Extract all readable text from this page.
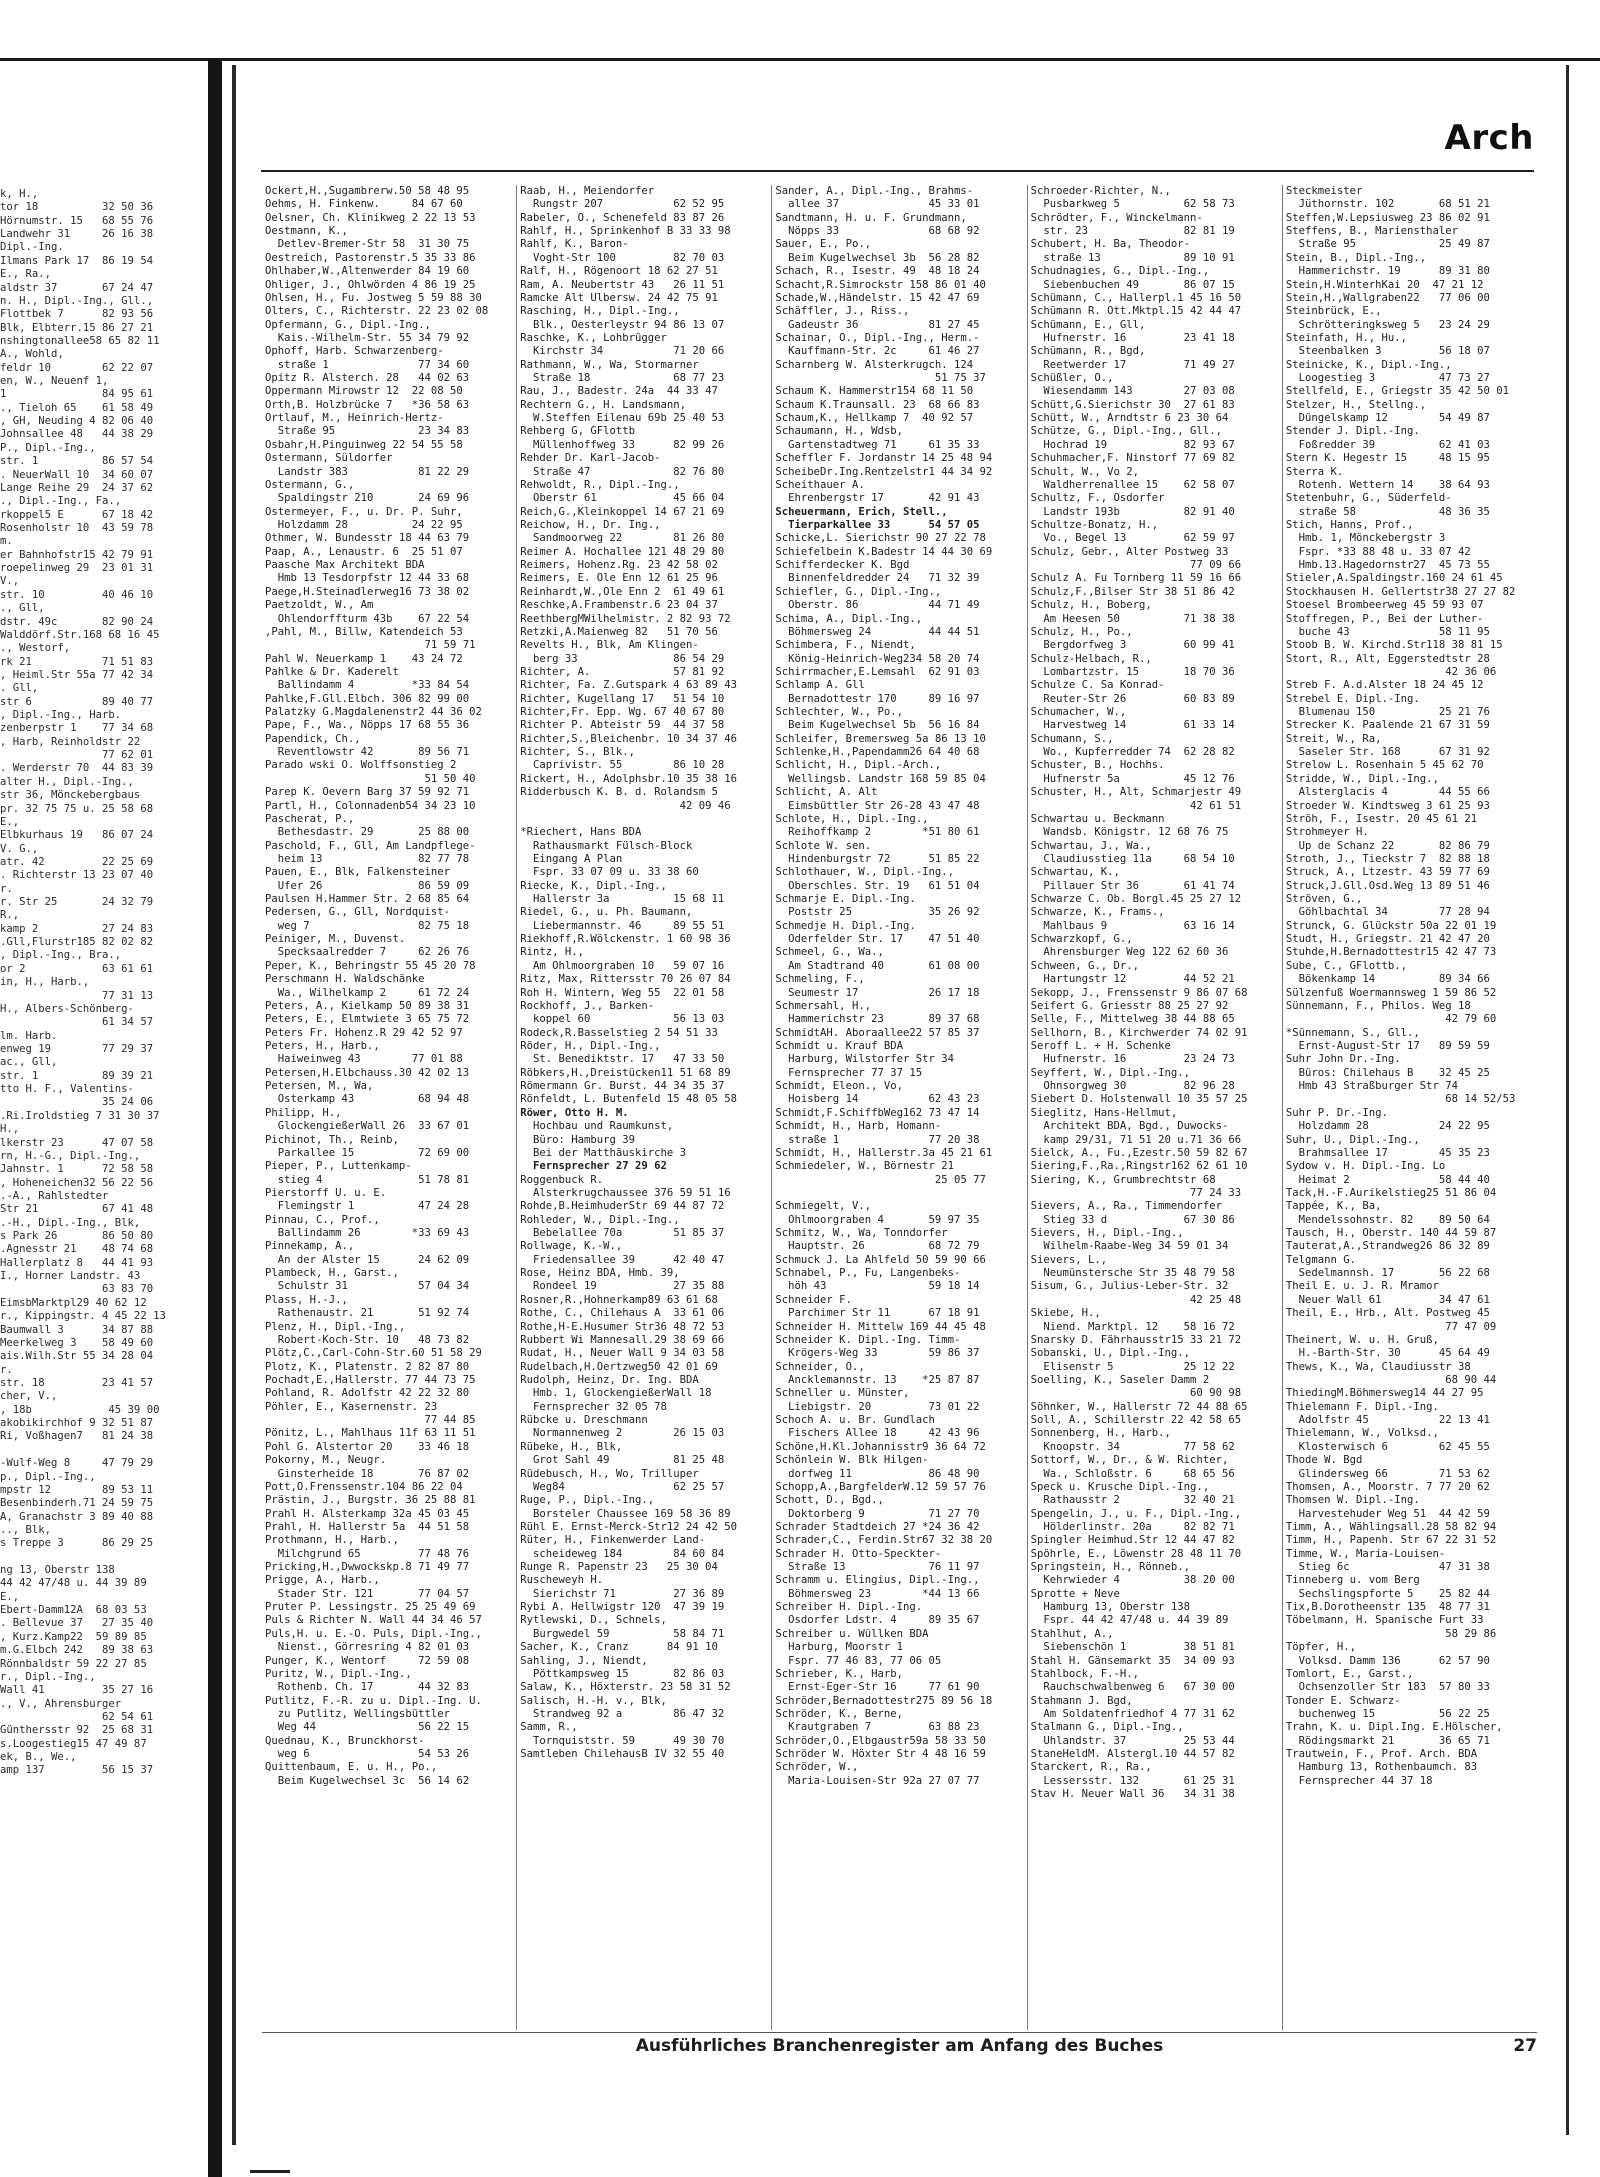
k, H.,
tor 18          32 50 36
Hörnumstr. 15   68 55 76
Landwehr 31     26 16 38
Dipl.-Ing.
Ilmans Park 17  86 19 54
E., Ra.,
aldstr 37       67 24 47
n. H., Dipl.-Ing., Gll.,
Flottbek 7      82 93 56
Blk, Elbterr.15 86 27 21
nshingtonallee58 65 82 11
A., Wohld,
feldr 10        62 22 07
en, W., Neuenf 1,
1               84 95 61
., Tieloh 65    61 58 49
, GH, Neuding 4 82 06 40
Johnsallee 48   44 38 29
P., Dipl.-Ing.,
str. 1          86 57 54
. NeuerWall 10  34 60 07
Lange Reihe 29  24 37 62
., Dipl.-Ing., Fa.,
rkoppel5 E      67 18 42
Rosenholstr 10  43 59 78
m.
er Bahnhofstr15 42 79 91
roepelinweg 29  23 01 31
V.,
str. 10         40 46 10
., Gll,
dstr. 49c       82 90 24
Walddörf.Str.168 68 16 45
., Westorf,
rk 21           71 51 83
, Heiml.Str 55a 77 42 34
. Gll,
str 6           89 40 77
, Dipl.-Ing., Harb.
zenberpstr 1    77 34 68
, Harb, Reinholdstr 22
77 62 01
. Werderstr 70  44 83 39
alter H., Dipl.-Ing.,
str 36, Mönckebergbaus
pr. 32 75 75 u. 25 58 68
E.,
Elbkurhaus 19   86 07 24
V. G.,
atr. 42         22 25 69
. Richterstr 13 23 07 40
r.
r. Str 25       24 32 79
R.,
kamp 2          27 24 83
.Gll,Flurstr185 82 02 82
, Dipl.-Ing., Bra.,
or 2            63 61 61
in, H., Harb.,
77 31 13
H., Albers-Schönberg-
61 34 57
lm. Harb.
enweg 19        77 29 37
ac., Gll,
str. 1          89 39 21
tto H. F., Valentins-
35 24 06
.Ri.Iroldstieg 7 31 30 37
H.,
lkerstr 23      47 07 58
rn, H.-G., Dipl.-Ing.,
Jahnstr. 1      72 58 58
, Hoheneichen32 56 22 56
.-A., Rahlstedter
Str 21          67 41 48
.-H., Dipl.-Ing., Blk,
s Park 26       86 50 80
.Agnesstr 21    48 74 68
Hallerplatz 8   44 41 93
I., Horner Landstr. 43
63 83 70
EimsbMarktpl29 40 62 12
r., Kippingstr. 4 45 22 13
Baumwall 3      34 87 88
Meerkelweg 3    58 49 60
ais.Wilh.Str 55 34 28 04
r.
str. 18         23 41 57
cher, V.,
, 18b            45 39 00
akobikirchhof 9 32 51 87
Ri, Voßhagen7   81 24 38
-Wulf-Weg 8     47 79 29
p., Dipl.-Ing.,
mpstr 12        89 53 11
Besenbinderh.71 24 59 75
A, Granachstr 3 89 40 88
.., Blk,
s Treppe 3      86 29 25
ng 13, Oberstr 138
44 42 47/48 u. 44 39 89
E.,
Ebert-Damm12A  68 03 53
. Bellevue 37   27 35 40
, Kurz.Kamp22  59 89 85
m.G.Elbch 242   89 38 63
Rönnbaldstr 59 22 27 85
r., Dipl.-Ing.,
Wall 41         35 27 16
., V., Ahrensburger
62 54 61
Günthersstr 92  25 68 31
s.Loogestieg15 47 49 87
ek, B., We.,
amp 137         56 15 37
Arch
Ockert,H.,Sugambrerw.50 58 48 95
Oehms, H. Finkenw.     84 67 60
Oelsner, Ch. Klinikweg 2 22 13 53
Oestmann, K.,
Detlev-Bremer-Str 58  31 30 75
Oestreich, Pastorenstr.5 35 33 86
Ohlhaber,W.,Altenwerder 84 19 60
Ohliger, J., Ohlwörden 4 86 19 25
Ohlsen, H., Fu. Jostweg 5 59 88 30
Olters, C., Richterstr. 22 23 02 08
Opfermann, G., Dipl.-Ing.,
Kais.-Wilhelm-Str. 55 34 79 92
Ophoff, Harb. Schwarzenberg-
straße 1              77 34 60
Opitz R. Alsterch. 28   44 02 63
Oppermann Mirowstr 12  22 08 50
Orth,B. Holzbrücke 7   *36 58 63
Ortlauf, M., Heinrich-Hertz-
Straße 95             23 34 83
Osbahr,H.Pinguinweg 22 54 55 58
Ostermann, Süldorfer
Landstr 383           81 22 29
Ostermann, G.,
Spaldingstr 210       24 69 96
Ostermeyer, F., u. Dr. P. Suhr,
Holzdamm 28          24 22 95
Othmer, W. Bundesstr 18 44 63 79
Paap, A., Lenaustr. 6  25 51 07
Paasche Max Architekt BDA
Hmb 13 Tesdorpfstr 12 44 33 68
Paege,H.Steinadlerweg16 73 38 02
Paetzoldt, W., Am
Ohlendorffturm 43b    67 22 54
,Pahl, M., Billw, Katendeich 53
71 59 71
Pahl W. Neuerkamp 1    43 24 72
Pahlke & Dr. Kaderelt
Ballindamm 4         *33 84 54
Pahlke,F.Gll.Elbch. 306 82 99 00
Palatzky G.Magdalenenstr2 44 36 02
Pape, F., Wa., Nöpps 17 68 55 36
Papendick, Ch.,
Reventlowstr 42       89 56 71
Parado wski O. Wolffsonstieg 2
51 50 40
Parep K. Oevern Barg 37 59 92 71
Partl, H., Colonnadenb54 34 23 10
Pascherat, P.,
Bethesdastr. 29       25 88 00
Paschold, F., Gll, Am Landpflege-
heim 13               82 77 78
Pauen, E., Blk, Falkensteiner
Ufer 26               86 59 09
Paulsen H.Hammer Str. 2 68 85 64
Pedersen, G., Gll, Nordquist-
weg 7                 82 75 18
Peiniger, M., Duvenst.
Specksaalredder 7     62 26 76
Peper, K., Behringstr 55 45 20 78
Perschmann H. Waldschänke
Wa., Wilhelkamp 2     61 72 24
Peters, A., Kielkamp 50 89 38 31
Peters, E., Elmtwiete 3 65 75 72
Peters Fr. Hohenz.R 29 42 52 97
Peters, H., Harb.,
Haiweinweg 43        77 01 88
Petersen,H.Elbchauss.30 42 02 13
Petersen, M., Wa,
Osterkamp 43          68 94 48
Philipp, H.,
GlockengießerWall 26  33 67 01
Pichinot, Th., Reinb,
Parkallee 15          72 69 00
Pieper, P., Luttenkamp-
stieg 4               51 78 81
Pierstorff U. u. E.
Flemingstr 1          47 24 28
Pinnau, C., Prof.,
Ballindamm 26        *33 69 43
Pinnekamp, A.,
An der Alster 15      24 62 09
Plambeck, H., Garst.,
Schulstr 31           57 04 34
Plass, H.-J.,
Rathenaustr. 21       51 92 74
Plenz, H., Dipl.-Ing.,
Robert-Koch-Str. 10   48 73 82
Plötz,C.,Carl-Cohn-Str.60 51 58 29
Plotz, K., Platenstr. 2 82 87 80
Pochadt,E.,Hallerstr. 77 44 73 75
Pohland, R. Adolfstr 42 22 32 80
Pöhler, E., Kasernenstr. 23
77 44 85
Pönitz, L., Mahlhaus 11f 63 11 51
Pohl G. Alstertor 20    33 46 18
Pokorny, M., Neugr.
Ginsterheide 18       76 87 02
Pott,O.Frenssenstr.104 86 22 04
Prästin, J., Burgstr. 36 25 88 81
Prahl H. Alsterkamp 32a 45 03 45
Prahl, H. Hallerstr 5a  44 51 58
Prothmann, H., Harb.,
Milchgrund 65         77 48 76
Pricking,H.,Dwwockskp.8 71 49 77
Prigge, A., Harb.,
Stader Str. 121       77 04 57
Pruter P. Lessingstr. 25 25 49 69
Puls & Richter N. Wall 44 34 46 57
Puls,H. u. E.-O. Puls, Dipl.-Ing.,
Nienst., Görresring 4 82 01 03
Punger, K., Wentorf     72 59 08
Puritz, W., Dipl.-Ing.,
Rothenb. Ch. 17       44 32 83
Putlitz, F.-R. zu u. Dipl.-Ing. U.
zu Putlitz, Wellingsbüttler
Weg 44                56 22 15
Quednau, K., Brunckhorst-
weg 6                 54 53 26
Quittenbaum, E. u. H., Po.,
Beim Kugelwechsel 3c  56 14 62
Raab, H., Meiendorfer
Rungstr 207           62 52 95
Rabeler, O., Schenefeld 83 87 26
Rahlf, H., Sprinkenhof B 33 33 98
Rahlf, K., Baron-
Voght-Str 100         82 70 03
Ralf, H., Rögenoort 18 62 27 51
Ram, A. Neubertstr 43   26 11 51
Ramcke Alt Ulbersw. 24 42 75 91
Rasching, H., Dipl.-Ing.,
Blk., Oesterleystr 94 86 13 07
Raschke, K., Lohbrügger
Kirchstr 34           71 20 66
Rathmann, W., Wa, Stormarner
Straße 18             68 77 23
Rau, J., Badestr. 24a  44 33 47
Rechtern G., H. Landsmann,
W.Steffen Eilenau 69b 25 40 53
Rehberg G, GFlottb
Müllenhoffweg 33      82 99 26
Rehder Dr. Karl-Jacob-
Straße 47             82 76 80
Rehwoldt, R., Dipl.-Ing.,
Oberstr 61            45 66 04
Reich,G.,Kleinkoppel 14 67 21 69
Reichow, H., Dr. Ing.,
Sandmoorweg 22        81 26 80
Reimer A. Hochallee 121 48 29 80
Reimers, Hohenz.Rg. 23 42 58 02
Reimers, E. Ole Enn 12 61 25 96
Reinhardt,W.,Ole Enn 2  61 49 61
Reschke,A.Frambenstr.6 23 04 37
ReethbergMWilhelmistr. 2 82 93 72
Retzki,A.Maienweg 82   51 70 56
Revelts H., Blk, Am Klingen-
berg 33               86 54 29
Richter, A.             57 81 92
Richter, Fa. Z.Gutspark 4 63 89 43
Richter, Kugellang 17   51 54 10
Richter,Fr. Epp. Wg. 67 40 67 80
Richter P. Abteistr 59  44 37 58
Richter,S.,Bleichenbr. 10 34 37 46
Richter, S., Blk.,
Caprivistr. 55        86 10 28
Rickert, H., Adolphsbr.10 35 38 16
Ridderbusch K. B. d. Rolandsm 5
42 09 46
*Riechert, Hans BDA
Rathausmarkt Fülsch-Block
Eingang A Plan
Fspr. 33 07 09 u. 33 38 60
Riecke, K., Dipl.-Ing.,
Hallerstr 3a          15 68 11
Riedel, G., u. Ph. Baumann,
Liebermannstr. 46     89 55 51
Riekhoff,R.Wölckenstr. 1 60 98 36
Rintz, H.,
Am Ohlmoorgraben 10   59 07 16
Ritz, Max, Rittersstr 70 26 07 84
Roh H. Wintern, Weg 55  22 01 58
Rockhoff, J., Barken-
koppel 60             56 13 03
Rodeck,R.Basselstieg 2 54 51 33
Röder, H., Dipl.-Ing.,
St. Benediktstr. 17   47 33 50
Röbkers,H.,Dreistücken11 51 68 89
Römermann Gr. Burst. 44 34 35 37
Rönfeldt, L. Butenfeld 15 48 05 58
Röwer, Otto H. M.
Hochbau und Raumkunst,
Büro: Hamburg 39
Bei der Matthäuskirche 3
Fernsprecher 27 29 62
Roggenbuck R.
Alsterkrugchaussee 376 59 51 16
Rohde,B.HeimhuderStr 69 44 87 72
Rohleder, W., Dipl.-Ing.,
Bebelallee 70a        51 85 37
Rollwage, K.-W.,
Friedensallee 39      42 40 47
Rose, Heinz BDA, Hmb. 39,
Rondeel 19            27 35 88
Rosner,R.,Hohnerkamp89 63 61 68
Rothe, C., Chilehaus A  33 61 06
Rothe,H-E.Husumer Str36 48 72 53
Rubbert Wi Mannesall.29 38 69 66
Rudat, H., Neuer Wall 9 34 03 58
Rudelbach,H.Oertzweg50 42 01 69
Rudolph, Heinz, Dr. Ing. BDA
Hmb. 1, GlockengießerWall 18
Fernsprecher 32 05 78
Rübcke u. Dreschmann
Normannenweg 2        26 15 03
Rübeke, H., Blk,
Grot Sahl 49          81 25 48
Rüdebusch, H., Wo, Trilluper
Weg84                 62 25 57
Ruge, P., Dipl.-Ing.,
Borsteler Chaussee 169 58 36 89
Rühl E. Ernst-Merck-Str12 24 42 50
Rüter, H., Finkenwerder Land-
scheideweg 184        84 60 84
Runge R. Papenstr 23   25 30 04
Ruscheweyh H.
Sierichstr 71         27 36 89
Rybi A. Hellwigstr 120  47 39 19
Rytlewski, D., Schnels,
Burgwedel 59          58 84 71
Sacher, K., Cranz      84 91 10
Sahling, J., Niendt,
Pöttkampsweg 15       82 86 03
Salaw, K., Höxterstr. 23 58 31 52
Salisch, H.-H. v., Blk,
Strandweg 92 a        86 47 32
Samm, R.,
Tornquiststr. 59      49 30 70
Samtleben ChilehausB IV 32 55 40
Sander, A., Dipl.-Ing., Brahms-
allee 37              45 33 01
Sandtmann, H. u. F. Grundmann,
Nöpps 33              68 68 92
Sauer, E., Po.,
Beim Kugelwechsel 3b  56 28 82
Schach, R., Isestr. 49  48 18 24
Schacht,R.Simrockstr 158 86 01 40
Schade,W.,Händelstr. 15 42 47 69
Schäffler, J., Riss.,
Gadeustr 36           81 27 45
Schainar, O., Dipl.-Ing., Herm.-
Kauffmann-Str. 2c     61 46 27
Scharnberg W. Alsterkrugch. 124
51 75 37
Schaum K. Hammerstr154 68 11 50
Schaum K.Traunsall. 23  68 66 83
Schaum,K., Hellkamp 7  40 92 57
Schaumann, H., Wdsb,
Gartenstadtweg 71     61 35 33
Scheffler F. Jordanstr 14 25 48 94
ScheibeDr.Ing.Rentzelstr1 44 34 92
Scheithauer A.
Ehrenbergstr 17       42 91 43
Scheuermann, Erich, Stell.,
Tierparkallee 33      54 57 05
Schicke,L. Sierichstr 90 27 22 78
Schiefelbein K.Badestr 14 44 30 69
Schifferdecker K. Bgd
Binnenfeldredder 24   71 32 39
Schiefler, G., Dipl.-Ing.,
Oberstr. 86           44 71 49
Schima, A., Dipl.-Ing.,
Böhmersweg 24         44 44 51
Schimbera, F., Niendt,
König-Heinrich-Weg234 58 20 74
Schirrmacher,E.Lemsahl  62 91 03
Schlamp A. Gll
Bernadottestr 170     89 16 97
Schlechter, W., Po.,
Beim Kugelwechsel 5b  56 16 84
Schleifer, Bremersweg 5a 86 13 10
Schlenke,H.,Papendamm26 64 40 68
Schlicht, H., Dipl.-Arch.,
Wellingsb. Landstr 168 59 85 04
Schlicht, A. Alt
Eimsbüttler Str 26-28 43 47 48
Schlote, H., Dipl.-Ing.,
Reihoffkamp 2        *51 80 61
Schlote W. sen.
Hindenburgstr 72      51 85 22
Schlothauer, W., Dipl.-Ing.,
Oberschles. Str. 19   61 51 04
Schmarje E. Dipl.-Ing.
Poststr 25            35 26 92
Schmedje H. Dipl.-Ing.
Oderfelder Str. 17    47 51 40
Schmeel, G., Wa.,
Am Stadtrand 40       61 08 00
Schmeling, F.,
Seumestr 17           26 17 18
Schmersahl, H.,
Hammerichstr 23       89 37 68
SchmidtAH. Aboraallee22 57 85 37
Schmidt u. Krauf BDA
Harburg, Wilstorfer Str 34
Fernsprecher 77 37 15
Schmidt, Eleon., Vo,
Hoisberg 14           62 43 23
Schmidt,F.SchiffbWeg162 73 47 14
Schmidt, H., Harb, Homann-
straße 1              77 20 38
Schmidt, H., Hallerstr.3a 45 21 61
Schmiedeler, W., Börnestr 21
25 05 77
Schmiegelt, V.,
Ohlmoorgraben 4       59 97 35
Schmitz, W., Wa, Tonndorfer
Hauptstr. 26          68 72 79
Schmuck J. La Ahlfeld 50 59 90 66
Schnabel, P., Fu, Langenbeks-
höh 43                59 18 14
Schneider F.
Parchimer Str 11      67 18 91
Schneider H. Mittelw 169 44 45 48
Schneider K. Dipl.-Ing. Timm-
Krögers-Weg 33        59 86 37
Schneider, O.,
Ancklemannstr. 13    *25 87 87
Schneller u. Münster,
Liebigstr. 20         73 01 22
Schoch A. u. Br. Gundlach
Fischers Allee 18     42 43 96
Schöne,H.Kl.Johannisstr9 36 64 72
Schönlein W. Blk Hilgen-
dorfweg 11            86 48 90
Schopp,A.,BargfelderW.12 59 57 76
Schott, D., Bgd.,
Doktorberg 9          71 27 70
Schrader Stadtdeich 27 *24 36 42
Schrader,C., Ferdin.Str67 32 38 20
Schrader H. Otto-Speckter-
Straße 13             76 11 97
Schramm u. Elingius, Dipl.-Ing.,
Böhmersweg 23        *44 13 66
Schreiber H. Dipl.-Ing.
Osdorfer Ldstr. 4     89 35 67
Schreiber u. Wüllken BDA
Harburg, Moorstr 1
Fspr. 77 46 83, 77 06 05
Schrieber, K., Harb,
Ernst-Eger-Str 16     77 61 90
Schröder,Bernadottestr275 89 56 18
Schröder, K., Berne,
Krautgraben 7         63 88 23
Schröder,O.,Elbgaustr59a 58 33 50
Schröder W. Höxter Str 4 48 16 59
Schröder, W.,
Maria-Louisen-Str 92a 27 07 77
Schroeder-Richter, N.,
Pusbarkweg 5          62 58 73
Schrödter, F., Winckelmann-
str. 23               82 81 19
Schubert, H. Ba, Theodor-
straße 13             89 10 91
Schudnagies, G., Dipl.-Ing.,
Siebenbuchen 49       86 07 15
Schümann, C., Hallerpl.1 45 16 50
Schümann R. Ott.Mktpl.15 42 44 47
Schümann, E., Gll,
Hufnerstr. 16         23 41 18
Schümann, R., Bgd,
Reetwerder 17         71 49 27
Schüßler, O.,
Wiesendamm 143        27 03 08
Schütt,G.Sierichstr 30  27 61 83
Schütt, W., Arndtstr 6 23 30 64
Schütze, G., Dipl.-Ing., Gll.,
Hochrad 19            82 93 67
Schuhmacher,F. Ninstorf 77 69 82
Schult, W., Vo 2,
Waldherrenallee 15    62 58 07
Schultz, F., Osdorfer
Landstr 193b          82 91 40
Schultze-Bonatz, H.,
Vo., Begel 13         62 59 97
Schulz, Gebr., Alter Postweg 33
77 09 66
Schulz A. Fu Tornberg 11 59 16 66
Schulz,F.,Bilser Str 38 51 86 42
Schulz, H., Boberg,
Am Heesen 50          71 38 38
Schulz, H., Po.,
Bergdorfweg 3         60 99 41
Schulz-Helbach, R.,
Lombartzstr. 15       18 70 36
Schulze C. Sa Konrad-
Reuter-Str 26         60 83 89
Schumacher, W.,
Harvestweg 14         61 33 14
Schumann, S.,
Wo., Kupferredder 74  62 28 82
Schuster, B., Hochhs.
Hufnerstr 5a          45 12 76
Schuster, H., Alt, Schmarjestr 49
42 61 51
Schwartau u. Beckmann
Wandsb. Königstr. 12 68 76 75
Schwartau, J., Wa.,
Claudiusstieg 11a     68 54 10
Schwartau, K.,
Pillauer Str 36       61 41 74
Schwarze C. Ob. Borgl.45 25 27 12
Schwarze, K., Frams.,
Mahlbaus 9            63 16 14
Schwarzkopf, G.,
Ahrensburger Weg 122 62 60 36
Schween, G., Dr.,
Hartungstr 12         44 52 21
Sekopp, J., Frenssenstr 9 86 07 68
Seifert G. Griesstr 88 25 27 92
Selle, F., Mittelweg 38 44 88 65
Sellhorn, B., Kirchwerder 74 02 91
Seroff L. + H. Schenke
Hufnerstr. 16         23 24 73
Seyffert, W., Dipl.-Ing.,
Ohnsorgweg 30         82 96 28
Siebert D. Holstenwall 10 35 57 25
Sieglitz, Hans-Hellmut,
Architekt BDA, Bgd., Duwocks-
kamp 29/31, 71 51 20 u.71 36 66
Sielck, A., Fu.,Ezestr.50 59 82 67
Siering,F.,Ra.,Ringstr162 62 61 10
Siering, K., Grumbrechtstr 68
77 24 33
Sievers, A., Ra., Timmendorfer
Stieg 33 d            67 30 86
Sievers, H., Dipl.-Ing.,
Wilhelm-Raabe-Weg 34 59 01 34
Sievers, L.,
Neumünstersche Str 35 48 79 58
Sisum, G., Julius-Leber-Str. 32
42 25 48
Skiebe, H.,
Niend. Marktpl. 12    58 16 72
Snarsky D. Fährhausstr15 33 21 72
Sobanski, U., Dipl.-Ing.,
Elisenstr 5           25 12 22
Soelling, K., Saseler Damm 2
60 90 98
Söhnker, W., Hallerstr 72 44 88 65
Soll, A., Schillerstr 22 42 58 65
Sonnenberg, H., Harb.,
Knoopstr. 34          77 58 62
Sottorf, W., Dr., & W. Richter,
Wa., Schloßstr. 6     68 65 56
Speck u. Krusche Dipl.-Ing.,
Rathausstr 2          32 40 21
Spengelin, J., u. F., Dipl.-Ing.,
Hölderlinstr. 20a     82 82 71
Spingler Heimhud.Str 12 44 47 82
Spöhrle, E., Löwenstr 28 48 11 70
Springstein, H., Rönneb.,
Kehrwieder 4          38 20 00
Sprotte + Neve
Hamburg 13, Oberstr 138
Fspr. 44 42 47/48 u. 44 39 89
Stahlhut, A.,
Siebenschön 1         38 51 81
Stahl H. Gänsemarkt 35  34 09 93
Stahlbock, F.-H.,
Rauchschwalbenweg 6   67 30 00
Stahmann J. Bgd,
Am Soldatenfriedhof 4 77 31 62
Stalmann G., Dipl.-Ing.,
Uhlandstr. 37         25 53 44
StaneHeldM. Alstergl.10 44 57 82
Starckert, R., Ra.,
Lessersstr. 132       61 25 31
Stav H. Neuer Wall 36   34 31 38
Steckmeister
Jüthornstr. 102       68 51 21
Steffen,W.Lepsiusweg 23 86 02 91
Steffens, B., Mariensthaler
Straße 95             25 49 87
Stein, B., Dipl.-Ing.,
Hammerichstr. 19      89 31 80
Stein,H.WinterhKai 20  47 21 12
Stein,H.,Wallgraben22   77 06 00
Steinbrück, E.,
Schrötteringksweg 5   23 24 29
Steinfath, H., Hu.,
Steenbalken 3         56 18 07
Steinicke, K., Dipl.-Ing.,
Loogestieg 3          47 73 27
Stellfeld, E., Griegstr 35 42 50 01
Stelzer, H., Stellng.,
Düngelskamp 12        54 49 87
Stender J. Dipl.-Ing.
Foßredder 39          62 41 03
Stern K. Hegestr 15     48 15 95
Sterra K.
Rotenh. Wettern 14    38 64 93
Stetenbuhr, G., Süderfeld-
straße 58             48 36 35
Stich, Hanns, Prof.,
Hmb. 1, Mönckebergstr 3
Fspr. *33 88 48 u. 33 07 42
Hmb.13.Hagedornstr27  45 73 55
Stieler,A.Spaldingstr.160 24 61 45
Stockhausen H. Gellertstr38 27 27 82
Stoesel Brombeerweg 45 59 93 07
Stoffregen, P., Bei der Luther-
buche 43              58 11 95
Stoob B. W. Kirchd.Str118 38 81 15
Stort, R., Alt, Eggerstedtstr 28
42 36 06
Streb F. A.d.Alster 18 24 45 12
Strebel E. Dipl.-Ing.
Blumenau 150          25 21 76
Strecker K. Paalende 21 67 31 59
Streit, W., Ra,
Saseler Str. 168      67 31 92
Strelow L. Rosenhain 5 45 62 70
Stridde, W., Dipl.-Ing.,
Alsterglacis 4        44 55 66
Stroeder W. Kindtsweg 3 61 25 93
Ströh, F., Isestr. 20 45 61 21
Strohmeyer H.
Up de Schanz 22       82 86 79
Stroth, J., Tieckstr 7  82 88 18
Struck, A., Ltzestr. 43 59 77 69
Struck,J.Gll.Osd.Weg 13 89 51 46
Ströven, G.,
Göhlbachtal 34        77 28 94
Strunck, G. Glückstr 50a 22 01 19
Studt, H., Griegstr. 21 42 47 20
Stuhde,H.Bernadottestr15 42 47 73
Sube, C., GFlottb.,
Bökenkamp 14          89 34 66
Sülzenfuß Woermannsweg 1 59 86 52
Sünnemann, F., Philos. Weg 18
42 79 60
*Sünnemann, S., Gll.,
Ernst-August-Str 17   89 59 59
Suhr John Dr.-Ing.
Büros: Chilehaus B    32 45 25
Hmb 43 Straßburger Str 74
68 14 52/53
Suhr P. Dr.-Ing.
Holzdamm 28           24 22 95
Suhr, U., Dipl.-Ing.,
Brahmsallee 17        45 35 23
Sydow v. H. Dipl.-Ing. Lo
Heimat 2              58 44 40
Tack,H.-F.Aurikelstieg25 51 86 04
Tappée, K., Ba,
Mendelssohnstr. 82    89 50 64
Tausch, H., Oberstr. 140 44 59 87
Tauterat,A.,Strandweg26 86 32 89
Telgmann G.
Sedelmannsh. 17       56 22 68
Theil E. u. J. R. Mramor
Neuer Wall 61         34 47 61
Theil, E., Hrb., Alt. Postweg 45
77 47 09
Theinert, W. u. H. Gruß,
H.-Barth-Str. 30      45 64 49
Thews, K., Wa, Claudiusstr 38
68 90 44
ThiedingM.Böhmersweg14 44 27 95
Thielemann F. Dipl.-Ing.
Adolfstr 45           22 13 41
Thielemann, W., Volksd.,
Klosterwisch 6        62 45 55
Thode W. Bgd
Glindersweg 66        71 53 62
Thomsen, A., Moorstr. 7 77 20 62
Thomsen W. Dipl.-Ing.
Harvestehuder Weg 51  44 42 59
Timm, A., Wählingsall.28 58 82 94
Timm, H., Papenh. Str 67 22 31 52
Timme, W., Maria-Louisen-
Stieg 6c              47 31 38
Tinneberg u. vom Berg
Sechslingspforte 5    25 82 44
Tix,B.Dorotheenstr 135  48 77 31
Töbelmann, H. Spanische Furt 33
58 29 86
Töpfer, H.,
Volksd. Damm 136      62 57 90
Tomlort, E., Garst.,
Ochsenzoller Str 183  57 80 33
Tonder E. Schwarz-
buchenweg 15          56 22 25
Trahn, K. u. Dipl.Ing. E.Hölscher,
Rödingsmarkt 21       36 65 71
Trautwein, F., Prof. Arch. BDA
Hamburg 13, Rothenbaumch. 83
Fernsprecher 44 37 18
Ausführliches Branchenregister am Anfang des Buches	27
